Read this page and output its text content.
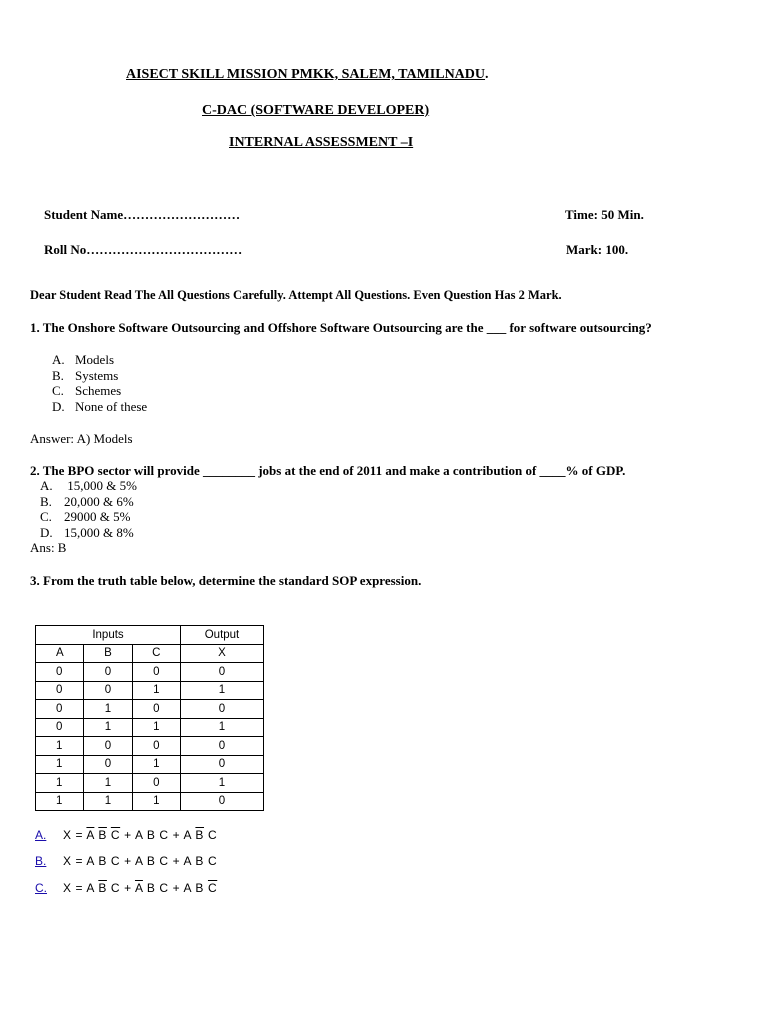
AISECT SKILL MISSION PMKK, SALEM, TAMILNADU.
C-DAC (SOFTWARE DEVELOPER)
INTERNAL ASSESSMENT –I
Student Name………………………	Time: 50 Min.
Roll No………………………………	Mark: 100.
Dear Student Read The All Questions Carefully. Attempt All Questions. Even Question Has 2 Mark.
1. The Onshore Software Outsourcing and Offshore Software Outsourcing are the ___ for software outsourcing?
A. Models
B. Systems
C. Schemes
D. None of these
Answer: A) Models
2. The BPO sector will provide ________ jobs at the end of 2011 and make a contribution of ____% of GDP.
A. 15,000 & 5%
B. 20,000 & 6%
C. 29000 & 5%
D. 15,000 & 8%
Ans: B
3. From the truth table below, determine the standard SOP expression.
Inputs			Output
A	B	C	X
0	0	0	0
0	0	1	1
0	1	0	0
0	1	1	1
1	0	0	0
1	0	1	0
1	1	0	1
1	1	1	0
A. $X = \overline{A}$ $\overline{B}$ $\overline{C} + A$ B C + A $\overline{B}$ C
B. X = A B C + A B C + A B C
C. X = A $\overline{B}$ $C + \overline{A}$ B C + A B $\overline{C}$
